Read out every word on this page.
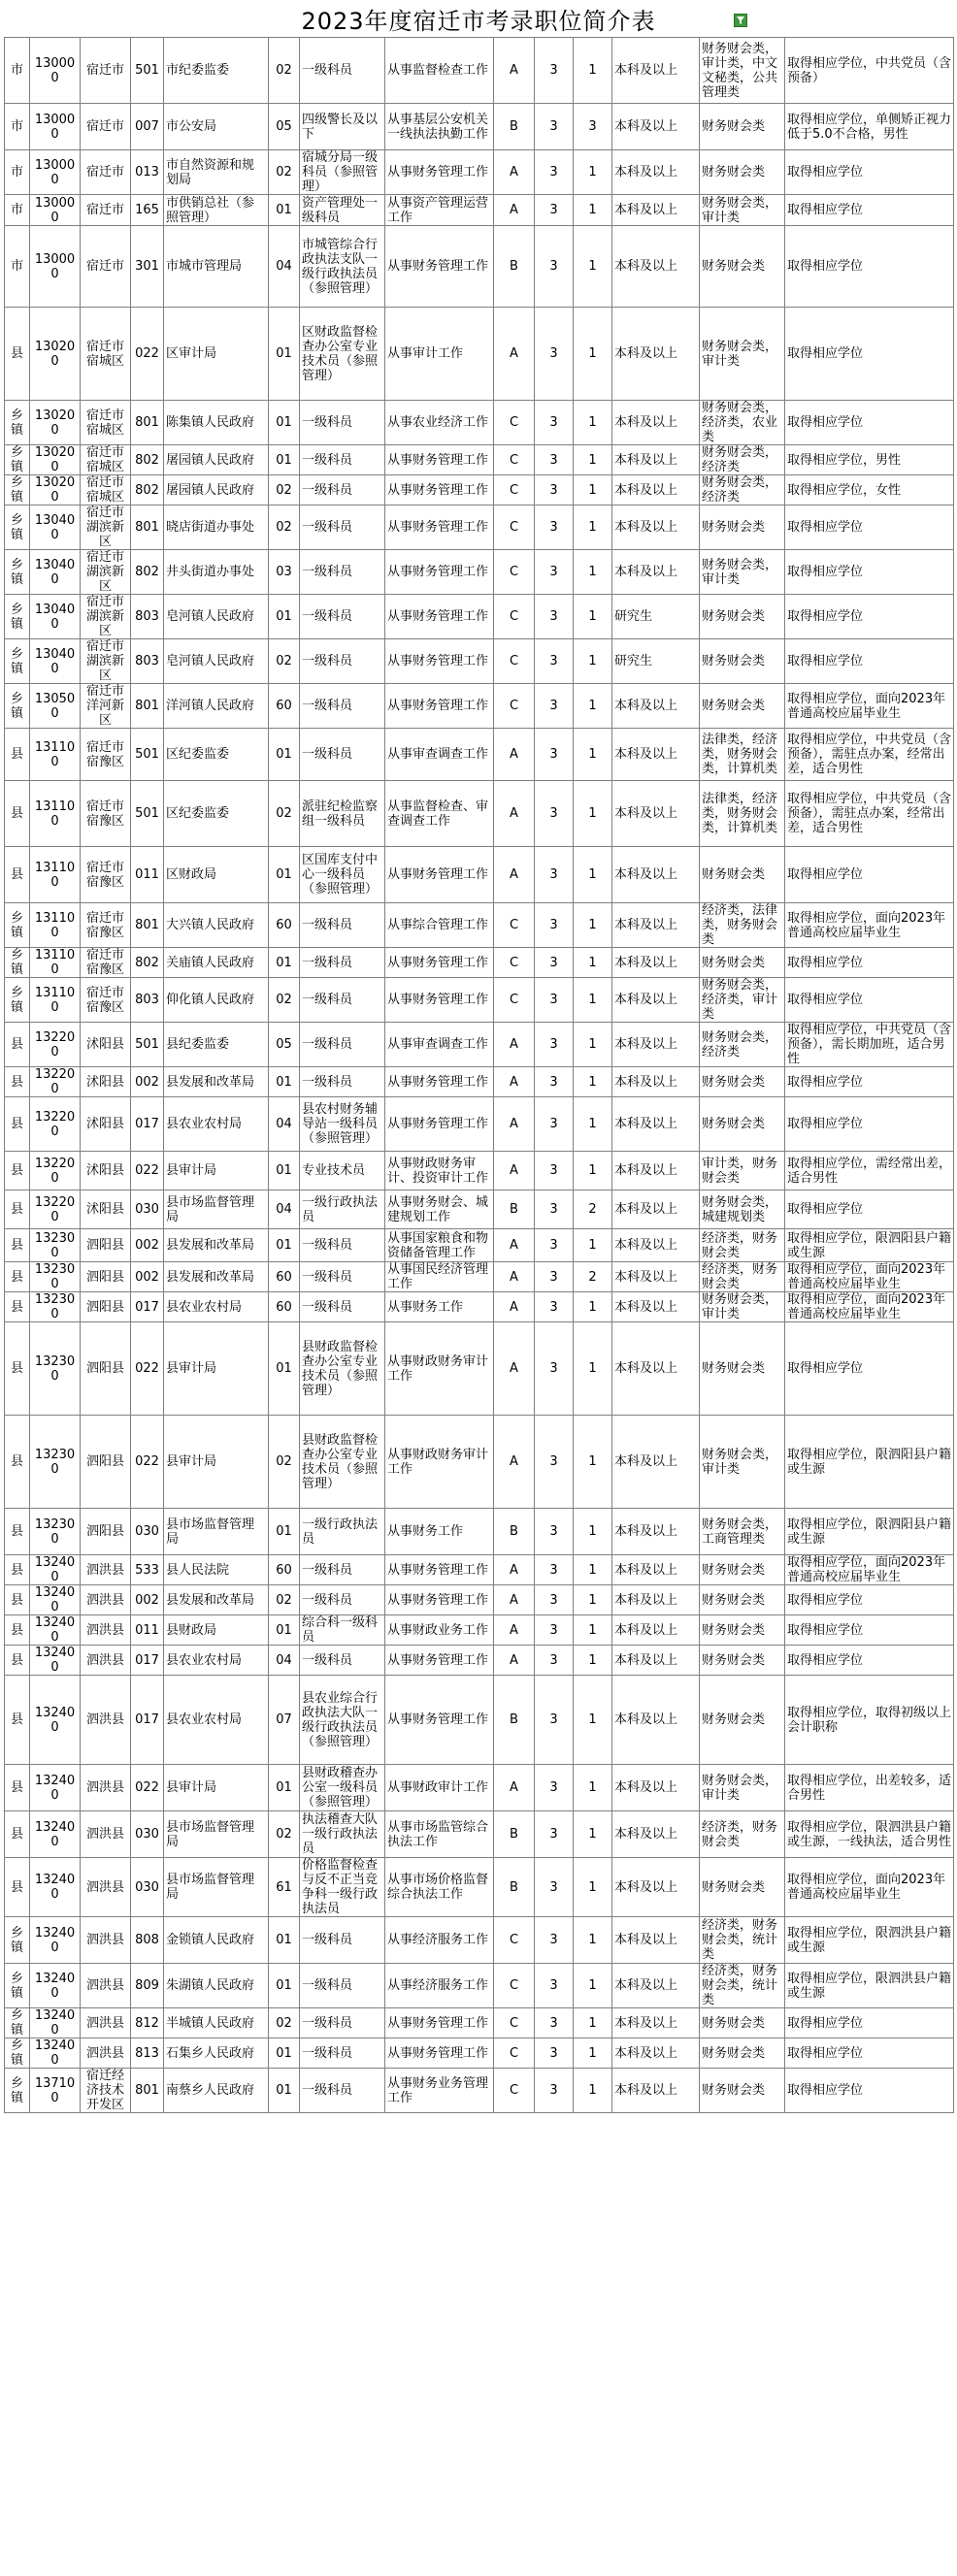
2023年度宿迁市考录职位简介表
市	130000	宿迁市	501	市纪委监委	02	一级科员	从事监督检查工作	A	3	1	本科及以上	财务财会类，审计类，中文文秘类，公共管理类	取得相应学位，中共党员（含预备）
市	130000	宿迁市	007	市公安局	05	四级警长及以下	从事基层公安机关一线执法执勤工作	B	3	3	本科及以上	财务财会类	取得相应学位，单侧矫正视力低于5.0不合格，男性
市	130000	宿迁市	013	市自然资源和规划局	02	宿城分局一级科员（参照管理）	从事财务管理工作	A	3	1	本科及以上	财务财会类	取得相应学位
市	130000	宿迁市	165	市供销总社（参照管理）	01	资产管理处一级科员	从事资产管理运营工作	A	3	1	本科及以上	财务财会类，审计类	取得相应学位
市	130000	宿迁市	301	市城市管理局	04	市城管综合行政执法支队一级行政执法员（参照管理）	从事财务管理工作	B	3	1	本科及以上	财务财会类	取得相应学位
县	130200	宿迁市宿城区	022	区审计局	01	区财政监督检查办公室专业技术员（参照管理）	从事审计工作	A	3	1	本科及以上	财务财会类，审计类	取得相应学位
乡镇	130200	宿迁市宿城区	801	陈集镇人民政府	01	一级科员	从事农业经济工作	C	3	1	本科及以上	财务财会类，经济类，农业类	取得相应学位
乡镇	130200	宿迁市宿城区	802	屠园镇人民政府	01	一级科员	从事财务管理工作	C	3	1	本科及以上	财务财会类，经济类	取得相应学位，男性
乡镇	130200	宿迁市宿城区	802	屠园镇人民政府	02	一级科员	从事财务管理工作	C	3	1	本科及以上	财务财会类，经济类	取得相应学位，女性
乡镇	130400	宿迁市湖滨新区	801	晓店街道办事处	02	一级科员	从事财务管理工作	C	3	1	本科及以上	财务财会类	取得相应学位
乡镇	130400	宿迁市湖滨新区	802	井头街道办事处	03	一级科员	从事财务管理工作	C	3	1	本科及以上	财务财会类，审计类	取得相应学位
乡镇	130400	宿迁市湖滨新区	803	皂河镇人民政府	01	一级科员	从事财务管理工作	C	3	1	研究生	财务财会类	取得相应学位
乡镇	130400	宿迁市湖滨新区	803	皂河镇人民政府	02	一级科员	从事财务管理工作	C	3	1	研究生	财务财会类	取得相应学位
乡镇	130500	宿迁市洋河新区	801	洋河镇人民政府	60	一级科员	从事财务管理工作	C	3	1	本科及以上	财务财会类	取得相应学位，面向2023年普通高校应届毕业生
县	131100	宿迁市宿豫区	501	区纪委监委	01	一级科员	从事审查调查工作	A	3	1	本科及以上	法律类，经济类，财务财会类，计算机类	取得相应学位，中共党员（含预备），需驻点办案，经常出差，适合男性
县	131100	宿迁市宿豫区	501	区纪委监委	02	派驻纪检监察组一级科员	从事监督检查、审查调查工作	A	3	1	本科及以上	法律类，经济类，财务财会类，计算机类	取得相应学位，中共党员（含预备），需驻点办案，经常出差，适合男性
县	131100	宿迁市宿豫区	011	区财政局	01	区国库支付中心一级科员（参照管理）	从事财务管理工作	A	3	1	本科及以上	财务财会类	取得相应学位
乡镇	131100	宿迁市宿豫区	801	大兴镇人民政府	60	一级科员	从事综合管理工作	C	3	1	本科及以上	经济类，法律类，财务财会类	取得相应学位，面向2023年普通高校应届毕业生
乡镇	131100	宿迁市宿豫区	802	关庙镇人民政府	01	一级科员	从事财务管理工作	C	3	1	本科及以上	财务财会类	取得相应学位
乡镇	131100	宿迁市宿豫区	803	仰化镇人民政府	02	一级科员	从事财务管理工作	C	3	1	本科及以上	财务财会类，经济类，审计类	取得相应学位
县	132200	沭阳县	501	县纪委监委	05	一级科员	从事审查调查工作	A	3	1	本科及以上	财务财会类，经济类	取得相应学位，中共党员（含预备），需长期加班，适合男性
县	132200	沭阳县	002	县发展和改革局	01	一级科员	从事财务管理工作	A	3	1	本科及以上	财务财会类	取得相应学位
县	132200	沭阳县	017	县农业农村局	04	县农村财务辅导站一级科员（参照管理）	从事财务管理工作	A	3	1	本科及以上	财务财会类	取得相应学位
县	132200	沭阳县	022	县审计局	01	专业技术员	从事财政财务审计、投资审计工作	A	3	1	本科及以上	审计类，财务财会类	取得相应学位，需经常出差，适合男性
县	132200	沭阳县	030	县市场监督管理局	04	一级行政执法员	从事财务财会、城建规划工作	B	3	2	本科及以上	财务财会类，城建规划类	取得相应学位
县	132300	泗阳县	002	县发展和改革局	01	一级科员	从事国家粮食和物资储备管理工作	A	3	1	本科及以上	经济类，财务财会类	取得相应学位，限泗阳县户籍或生源
县	132300	泗阳县	002	县发展和改革局	60	一级科员	从事国民经济管理工作	A	3	2	本科及以上	经济类，财务财会类	取得相应学位，面向2023年普通高校应届毕业生
县	132300	泗阳县	017	县农业农村局	60	一级科员	从事财务工作	A	3	1	本科及以上	财务财会类，审计类	取得相应学位，面向2023年普通高校应届毕业生
县	132300	泗阳县	022	县审计局	01	县财政监督检查办公室专业技术员（参照管理）	从事财政财务审计工作	A	3	1	本科及以上	财务财会类	取得相应学位
县	132300	泗阳县	022	县审计局	02	县财政监督检查办公室专业技术员（参照管理）	从事财政财务审计工作	A	3	1	本科及以上	财务财会类，审计类	取得相应学位，限泗阳县户籍或生源
县	132300	泗阳县	030	县市场监督管理局	01	一级行政执法员	从事财务工作	B	3	1	本科及以上	财务财会类，工商管理类	取得相应学位，限泗阳县户籍或生源
县	132400	泗洪县	533	县人民法院	60	一级科员	从事财务管理工作	A	3	1	本科及以上	财务财会类	取得相应学位，面向2023年普通高校应届毕业生
县	132400	泗洪县	002	县发展和改革局	02	一级科员	从事财务管理工作	A	3	1	本科及以上	财务财会类	取得相应学位
县	132400	泗洪县	011	县财政局	01	综合科一级科员	从事财政业务工作	A	3	1	本科及以上	财务财会类	取得相应学位
县	132400	泗洪县	017	县农业农村局	04	一级科员	从事财务管理工作	A	3	1	本科及以上	财务财会类	取得相应学位
县	132400	泗洪县	017	县农业农村局	07	县农业综合行政执法大队一级行政执法员（参照管理）	从事财务管理工作	B	3	1	本科及以上	财务财会类	取得相应学位，取得初级以上会计职称
县	132400	泗洪县	022	县审计局	01	县财政稽查办公室一级科员（参照管理）	从事财政审计工作	A	3	1	本科及以上	财务财会类，审计类	取得相应学位，出差较多，适合男性
县	132400	泗洪县	030	县市场监督管理局	02	执法稽查大队一级行政执法员	从事市场监管综合执法工作	B	3	1	本科及以上	经济类，财务财会类	取得相应学位，限泗洪县户籍或生源，一线执法，适合男性
县	132400	泗洪县	030	县市场监督管理局	61	价格监督检查与反不正当竞争科一级行政执法员	从事市场价格监督综合执法工作	B	3	1	本科及以上	财务财会类	取得相应学位，面向2023年普通高校应届毕业生
乡镇	132400	泗洪县	808	金锁镇人民政府	01	一级科员	从事经济服务工作	C	3	1	本科及以上	经济类，财务财会类，统计类	取得相应学位，限泗洪县户籍或生源
乡镇	132400	泗洪县	809	朱湖镇人民政府	01	一级科员	从事经济服务工作	C	3	1	本科及以上	经济类，财务财会类，统计类	取得相应学位，限泗洪县户籍或生源
乡镇	132400	泗洪县	812	半城镇人民政府	02	一级科员	从事财务管理工作	C	3	1	本科及以上	财务财会类	取得相应学位
乡镇	132400	泗洪县	813	石集乡人民政府	01	一级科员	从事财务管理工作	C	3	1	本科及以上	财务财会类	取得相应学位
乡镇	137100	宿迁经济技术开发区	801	南蔡乡人民政府	01	一级科员	从事财务业务管理工作	C	3	1	本科及以上	财务财会类	取得相应学位
